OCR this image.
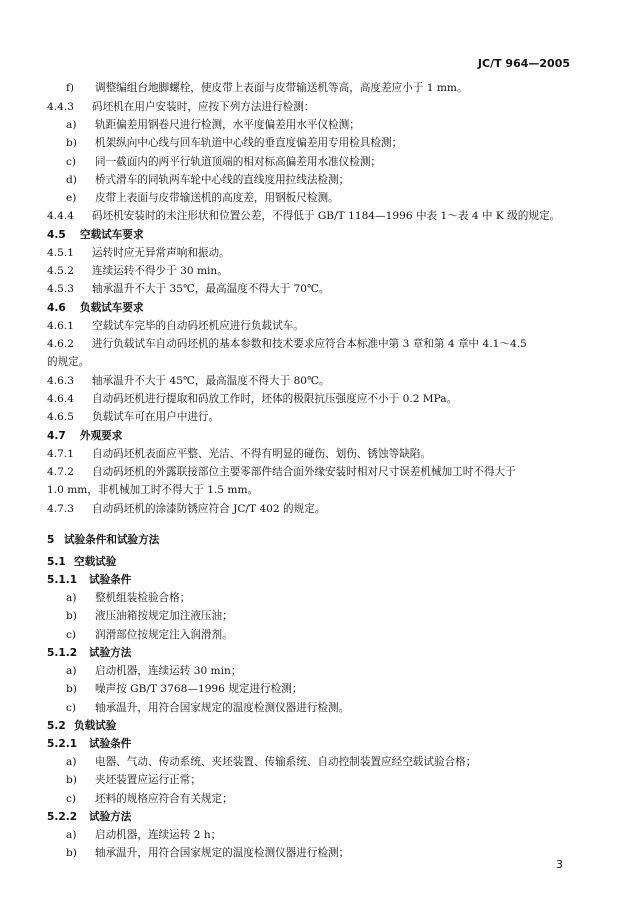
JC/T 964—2005
f) 调整编组台地脚螺栓，使皮带上表面与皮带输送机等高，高度差应小于 1 mm。
4.4.3 码坯机在用户安装时，应按下列方法进行检测：
a) 轨距偏差用钢卷尺进行检测，水平度偏差用水平仪检测；
b) 机架纵向中心线与回车轨道中心线的垂直度偏差用专用检具检测；
c) 同一截面内的两平行轨道顶端的相对标高偏差用水准仪检测；
d) 桥式滑车的同轨两车轮中心线的直线度用拉线法检测；
e) 皮带上表面与皮带输送机的高度差，用钢板尺检测。
4.4.4 码坯机安装时的未注形状和位置公差，不得低于 GB/T 1184—1996 中表 1～表 4 中 K 级的规定。
4.5 空载试车要求
4.5.1 运转时应无异常声响和振动。
4.5.2 连续运转不得少于 30 min。
4.5.3 轴承温升不大于 35℃，最高温度不得大于 70℃。
4.6 负载试车要求
4.6.1 空载试车完毕的自动码坯机应进行负载试车。
4.6.2 进行负载试车自动码坯机的基本参数和技术要求应符合本标准中第 3 章和第 4 章中 4.1～4.5
的规定。
4.6.3 轴承温升不大于 45℃，最高温度不得大于 80℃。
4.6.4 自动码坯机进行提取和码放工作时，坯体的极限抗压强度应不小于 0.2 MPa。
4.6.5 负载试车可在用户中进行。
4.7 外观要求
4.7.1 自动码坯机表面应平整、光洁、不得有明显的碰伤、划伤、锈蚀等缺陷。
4.7.2 自动码坯机的外露联接部位主要零部件结合面外缘安装时相对尺寸误差机械加工时不得大于
1.0 mm，非机械加工时不得大于 1.5 mm。
4.7.3 自动码坯机的涂漆防锈应符合 JC/T 402 的规定。
5 试验条件和试验方法
5.1 空载试验
5.1.1 试验条件
a) 整机组装检验合格；
b) 液压油箱按规定加注液压油；
c) 润滑部位按规定注入润滑剂。
5.1.2 试验方法
a) 启动机器，连续运转 30 min；
b) 噪声按 GB/T 3768—1996 规定进行检测；
c) 轴承温升，用符合国家规定的温度检测仪器进行检测。
5.2 负载试验
5.2.1 试验条件
a) 电器、气动、传动系统、夹坯装置、传输系统、自动控制装置应经空载试验合格；
b) 夹坯装置应运行正常；
c) 坯料的规格应符合有关规定；
5.2.2 试验方法
a) 启动机器，连续运转 2 h；
b) 轴承温升，用符合国家规定的温度检测仪器进行检测；
3
